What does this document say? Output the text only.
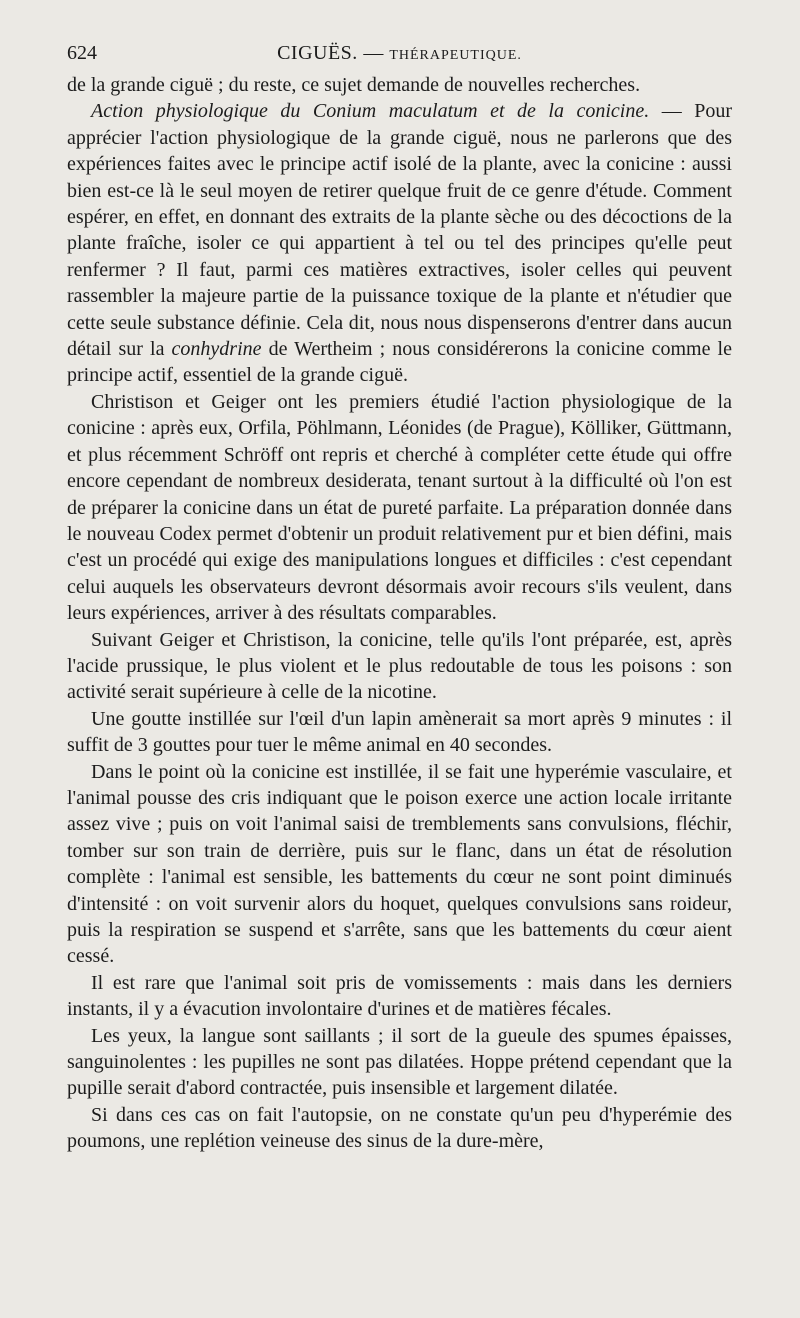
624	CIGUËS. — THÉRAPEUTIQUE.

de la grande ciguë ; du reste, ce sujet demande de nouvelles recherches.

Action physiologique du Conium maculatum et de la conicine. — Pour apprécier l'action physiologique de la grande ciguë, nous ne parlerons que des expériences faites avec le principe actif isolé de la plante, avec la conicine : aussi bien est-ce là le seul moyen de retirer quelque fruit de ce genre d'étude. Comment espérer, en effet, en donnant des extraits de la plante sèche ou des décoctions de la plante fraîche, isoler ce qui appartient à tel ou tel des principes qu'elle peut renfermer ? Il faut, parmi ces matières extractives, isoler celles qui peuvent rassembler la majeure partie de la puissance toxique de la plante et n'étudier que cette seule substance définie. Cela dit, nous nous dispenserons d'entrer dans aucun détail sur la conhydrine de Wertheim ; nous considérerons la conicine comme le principe actif, essentiel de la grande ciguë.

Christison et Geiger ont les premiers étudié l'action physiologique de la conicine : après eux, Orfila, Pöhlmann, Léonides (de Prague), Kölliker, Güttmann, et plus récemment Schröff ont repris et cherché à compléter cette étude qui offre encore cependant de nombreux desiderata, tenant surtout à la difficulté où l'on est de préparer la conicine dans un état de pureté parfaite. La préparation donnée dans le nouveau Codex permet d'obtenir un produit relativement pur et bien défini, mais c'est un procédé qui exige des manipulations longues et difficiles : c'est cependant celui auquels les observateurs devront désormais avoir recours s'ils veulent, dans leurs expériences, arriver à des résultats comparables.

Suivant Geiger et Christison, la conicine, telle qu'ils l'ont préparée, est, après l'acide prussique, le plus violent et le plus redoutable de tous les poisons : son activité serait supérieure à celle de la nicotine.

Une goutte instillée sur l'œil d'un lapin amènerait sa mort après 9 minutes : il suffit de 3 gouttes pour tuer le même animal en 40 secondes.

Dans le point où la conicine est instillée, il se fait une hyperémie vasculaire, et l'animal pousse des cris indiquant que le poison exerce une action locale irritante assez vive ; puis on voit l'animal saisi de tremblements sans convulsions, fléchir, tomber sur son train de derrière, puis sur le flanc, dans un état de résolution complète : l'animal est sensible, les battements du cœur ne sont point diminués d'intensité : on voit survenir alors du hoquet, quelques convulsions sans roideur, puis la respiration se suspend et s'arrête, sans que les battements du cœur aient cessé.

Il est rare que l'animal soit pris de vomissements : mais dans les derniers instants, il y a évacution involontaire d'urines et de matières fécales.

Les yeux, la langue sont saillants ; il sort de la gueule des spumes épaisses, sanguinolentes : les pupilles ne sont pas dilatées. Hoppe prétend cependant que la pupille serait d'abord contractée, puis insensible et largement dilatée.

Si dans ces cas on fait l'autopsie, on ne constate qu'un peu d'hyperémie des poumons, une replétion veineuse des sinus de la dure-mère,
